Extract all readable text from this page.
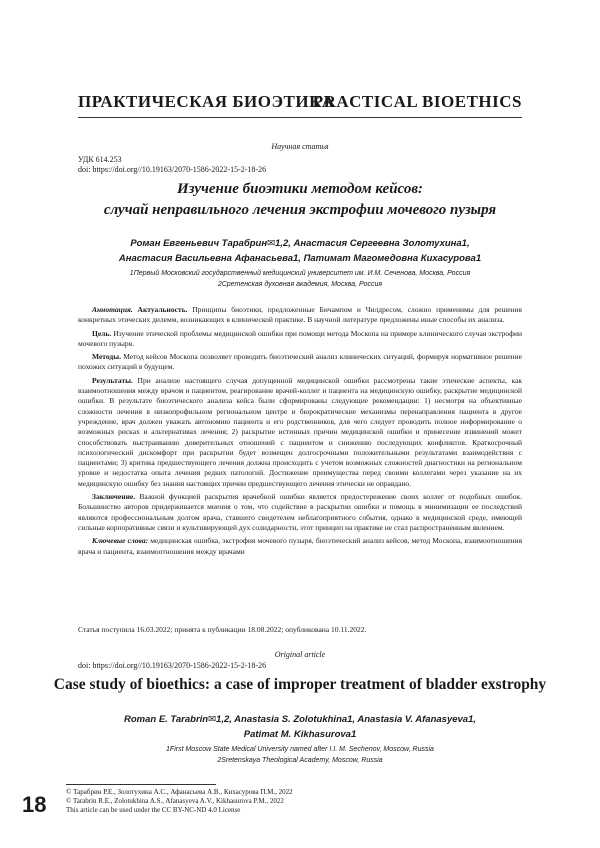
ПРАКТИЧЕСКАЯ БИОЭТИКА
PRACTICAL BIOETHICS
Научная статья
УДК 614.253
doi: https://doi.org//10.19163/2070-1586-2022-15-2-18-26
Изучение биоэтики методом кейсов:
случай неправильного лечения экстрофии мочевого пузыря
Роман Евгеньевич Тарабрин✉1,2, Анастасия Сергеевна Золотухина1,
Анастасия Васильевна Афанасьева1, Патимат Магомедовна Кихасурова1
1Первый Московский государственный медицинский университет им. И.М. Сеченова, Москва, Россия
2Сретенская духовная академия, Москва, Россия

Аннотация. Актуальность. Принципы биоэтики, предложенные Бичампом и Чилдресом, сложно применимы для решения конкретных этических дилемм, возникающих в клинической практике. В научной литературе предложены иные способы их анализа.

Цель. Изучение этической проблемы медицинской ошибки при помощи метода Москопа на примере клинического случая экстрофии мочевого пузыря.

Методы. Метод кейсов Москопа позволяет проводить биоэтический анализ клинических ситуаций, формируя нормативное решение похожих ситуаций в будущем.

Результаты. При анализе настоящего случая допущенной медицинской ошибки рассмотрены такие этические аспекты, как взаимоотношения между врачом и пациентом, реагирование врачей-коллег и пациента на медицинскую ошибку, раскрытие медицинской ошибки. В результате биоэтического анализа кейса были сформированы следующие рекомендации: 1) несмотря на объективные сложности лечения в низкопрофильном региональном центре и бюрократические механизмы перенаправления пациента в другое учреждение, врач должен уважать автономию пациента и его родственников, для чего следует проводить полное информирование о возможных рисках и альтернативах лечения; 2) раскрытие истинных причин медицинской ошибки и принесение извинений может способствовать выстраиванию доверительных отношений с пациентом и снижению последующих конфликтов. Краткосрочный психологический дискомфорт при раскрытии будет возмещен долгосрочными положительными результатами взаимодействия с пациентами; 3) критика предшествующего лечения должна происходить с учетом возможных сложностей диагностики на региональном уровне и недостатка опыта лечения редких патологий. Достижение преимущества перед своими коллегами через указание на их медицинскую ошибку без знания настоящих причин предшествующего лечения этически не оправдано.

Заключение. Важной функцией раскрытия врачебной ошибки является предостережение своих коллег от подобных ошибок. Большинство авторов придерживается мнения о том, что содействие в раскрытии ошибки и помощь в минимизации ее последствий являются профессиональным долгом врача, ставшего свидетелем неблагоприятного события, однако в медицинской среде, имеющей сильные корпоративные связи и культивирующей дух солидарности, этот принцип на практике не стал распространенным явлением.

Ключевые слова: медицинская ошибка, экстрофия мочевого пузыря, биоэтический анализ кейсов, метод Москопа, взаимоотношения врача и пациента, взаимоотношения между врачами

Статья поступила 16.03.2022; принята к публикации 18.08.2022; опубликована 10.11.2022.
Original article
doi: https://doi.org//10.19163/2070-1586-2022-15-2-18-26
Case study of bioethics: a case of improper treatment of bladder exstrophy
Roman E. Tarabrin✉1,2, Anastasia S. Zolotukhina1, Anastasia V. Afanasyeva1,
Patimat M. Kikhasurova1
1First Moscow State Medical University named after I.I. M. Sechenov, Moscow, Russia
2Sretenskaya Theological Academy, Moscow, Russia
18	© Тарабрин Р.Е., Золотухина А.С., Афанасьева А.В., Кихасурова П.М., 2022
© Tarabrin R.E., Zolotukhina A.S., Afanasyeva A.V., Kikhasurova P.M., 2022
This article can be used under the CC BY-NC-ND 4.0 License
